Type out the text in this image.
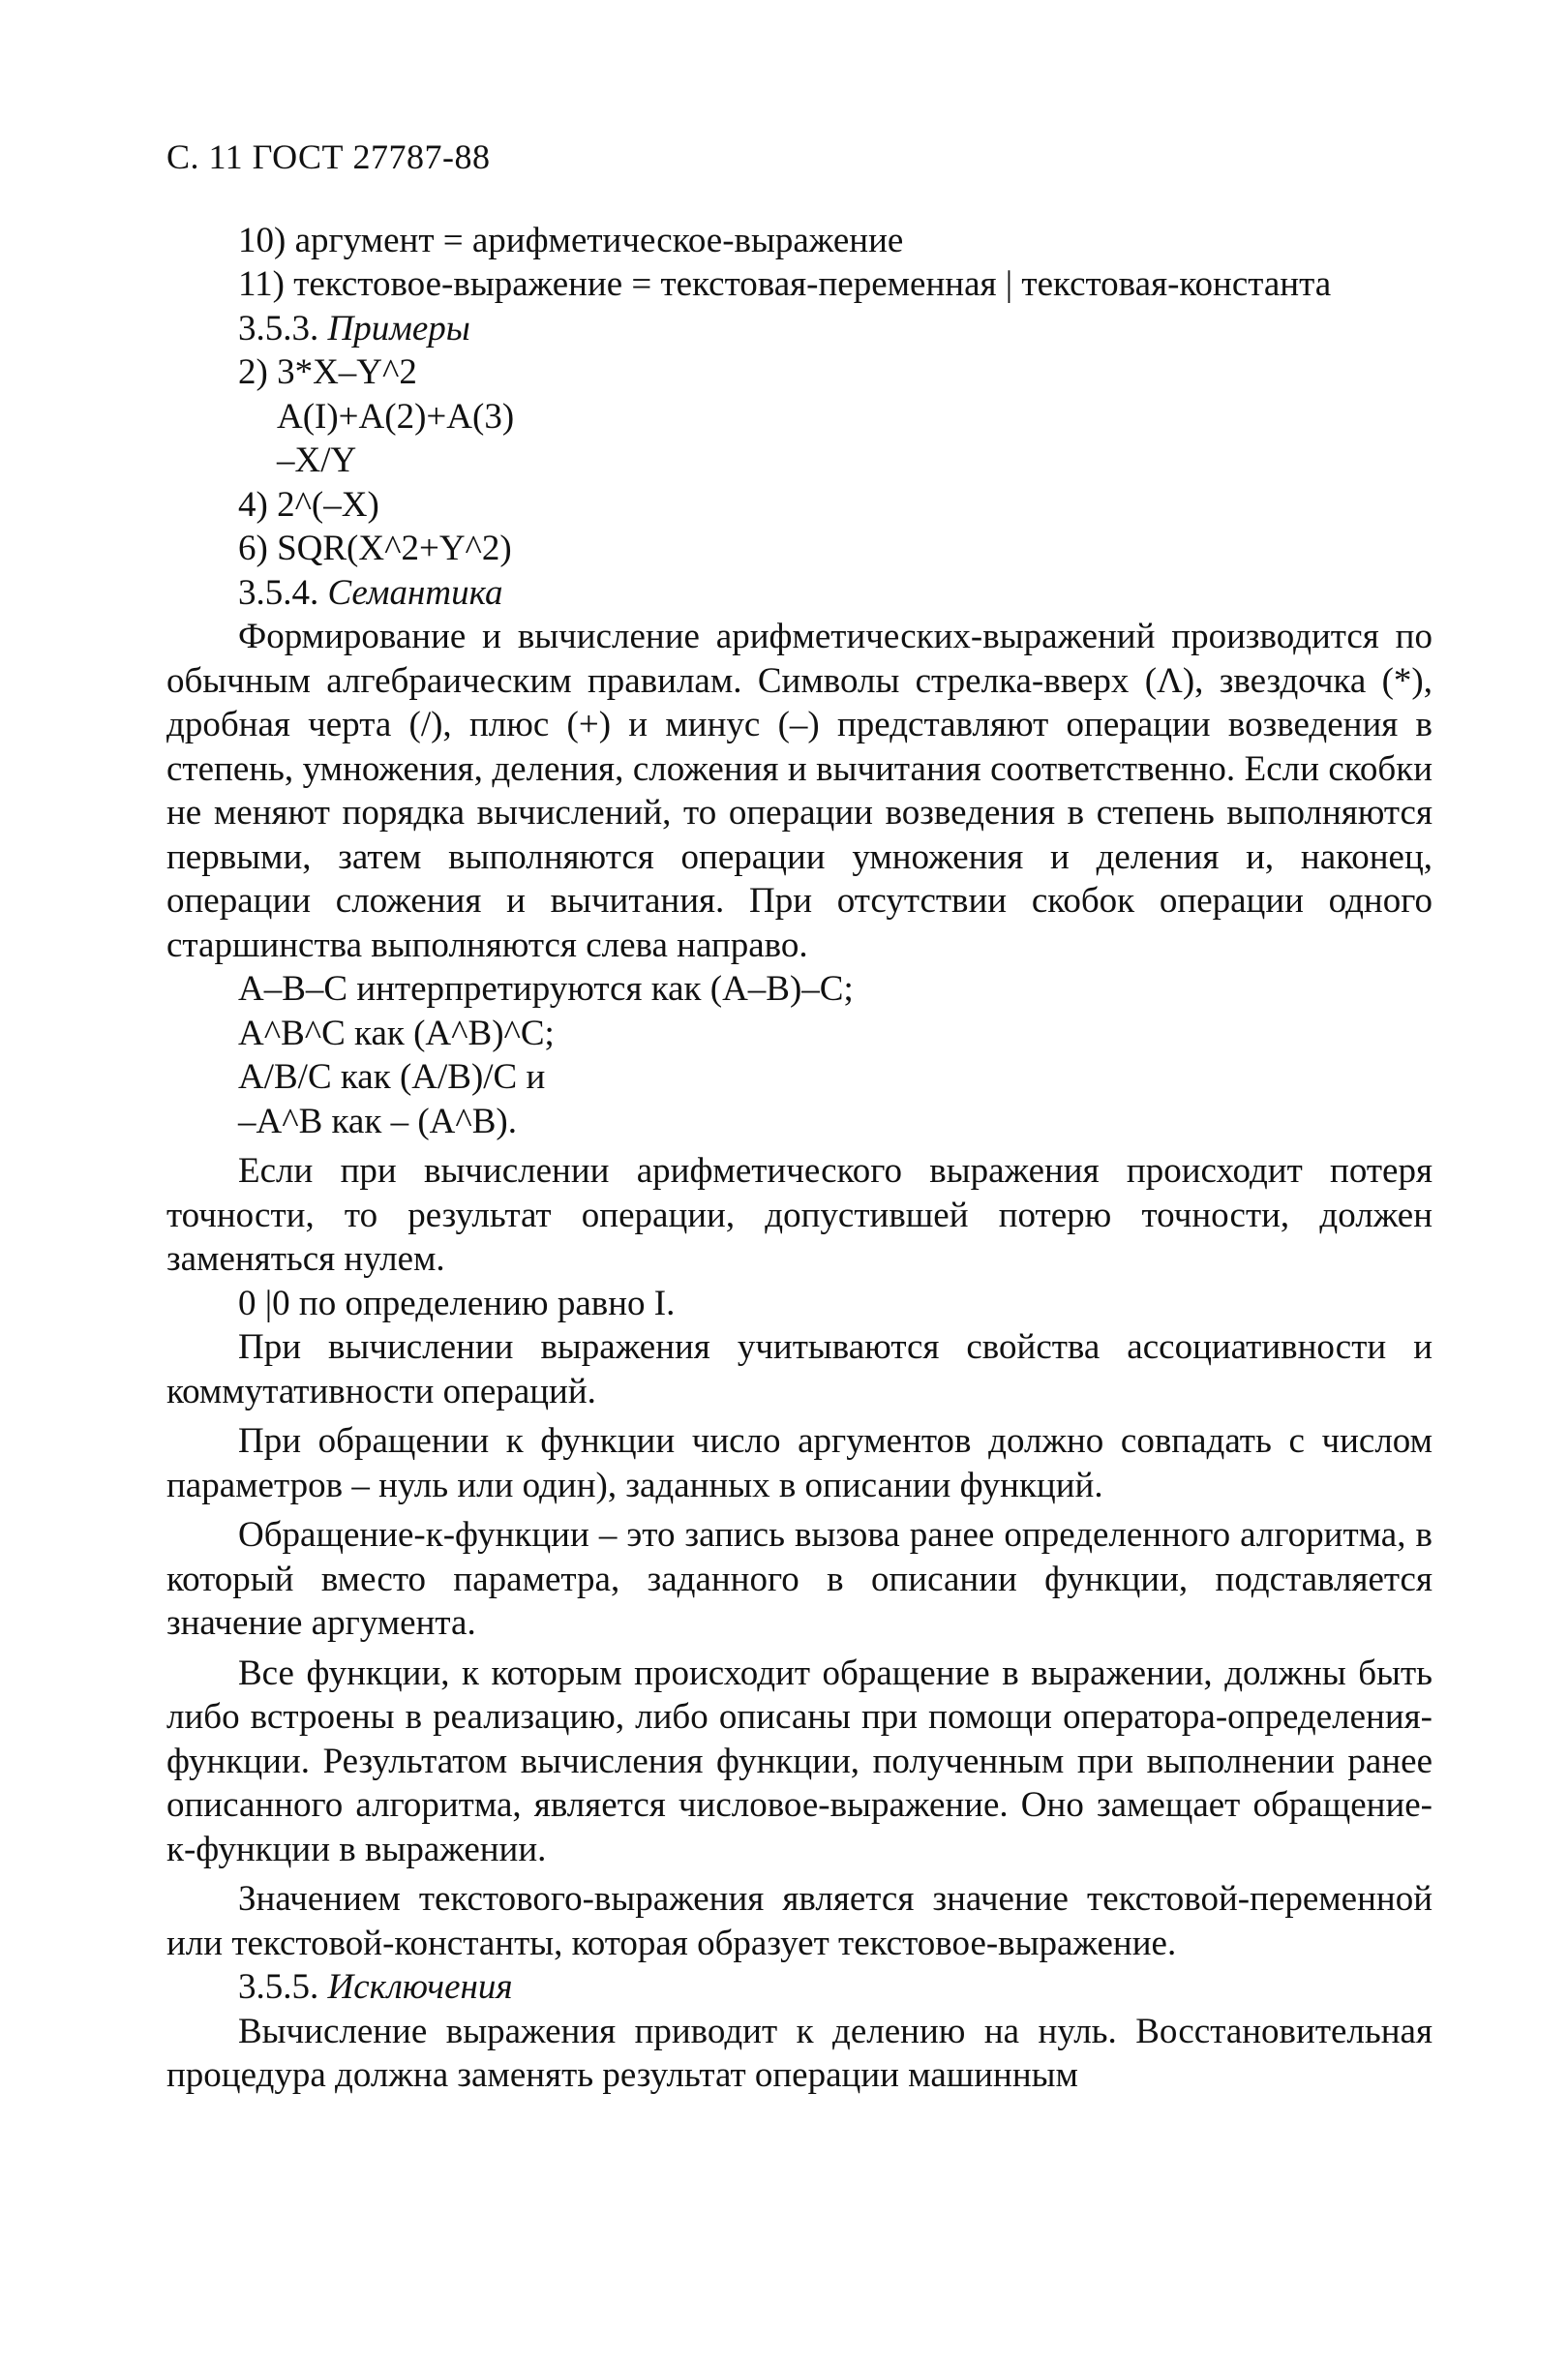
С. 11 ГОСТ 27787-88

10) аргумент = арифметическое-выражение

11) текстовое-выражение = текстовая-переменная | текстовая-константа

3.5.3. Примеры

2) 3*X–Y^2

A(I)+A(2)+A(3)

–X/Y

4) 2^(–X)

6) SQR(X^2+Y^2)

3.5.4. Семантика

Формирование и вычисление арифметических-выражений производится по обычным алгебраическим правилам. Символы стрелка-вверх (Λ), звездочка (*), дробная черта (/), плюс (+) и минус (–) представляют операции возведения в степень, умножения, деления, сложения и вычитания соответственно. Если скобки не меняют порядка вычислений, то операции возведения в степень выполняются первыми, затем выполняются операции умножения и деления и, наконец, операции сложения и вычитания. При отсутствии скобок операции одного старшинства выполняются слева направо.

A–B–C интерпретируются как (A–B)–C;

A^B^C как (A^B)^C;

A/B/C как (A/B)/C и

–A^B как – (A^B).

Если при вычислении арифметического выражения происходит потеря точности, то результат операции, допустившей потерю точности, должен заменяться нулем.

0 |0 по определению равно I.

При вычислении выражения учитываются свойства ассоциативности и коммутативности операций.

При обращении к функции число аргументов должно совпадать с числом параметров – нуль или один), заданных в описании функций.

Обращение-к-функции – это запись вызова ранее определенного алгоритма, в который вместо параметра, заданного в описании функции, подставляется значение аргумента.

Все функции, к которым происходит обращение в выражении, должны быть либо встроены в реализацию, либо описаны при помощи оператора-определения-функции. Результатом вычисления функции, полученным при выполнении ранее описанного алгоритма, является числовое-выражение. Оно замещает обращение-к-функции в выражении.

Значением текстового-выражения является значение текстовой-переменной или текстовой-константы, которая образует текстовое-выражение.

3.5.5. Исключения

Вычисление выражения приводит к делению на нуль. Восстановительная процедура должна заменять результат операции машинным
